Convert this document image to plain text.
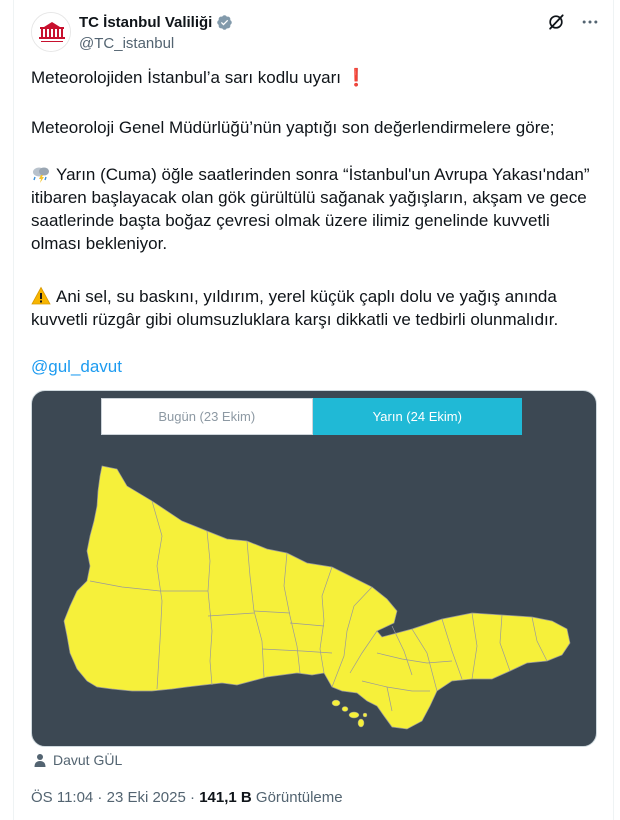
TC İstanbul Valiliği
@TC_istanbul

Meteorolojiden İstanbul’a sarı kodlu uyarı ❗

Meteoroloji Genel Müdürlüğü’nün yaptığı son değerlendirmelere göre;

Yarın (Cuma) öğle saatlerinden sonra “İstanbul'un Avrupa Yakası'ndan” itibaren başlayacak olan gök gürültülü sağanak yağışların, akşam ve gece saatlerinde başta boğaz çevresi olmak üzere ilimiz genelinde kuvvetli olması bekleniyor.

Ani sel, su baskını, yıldırım, yerel küçük çaplı dolu ve yağış anında kuvvetli rüzgâr gibi olumsuzluklara karşı dikkatli ve tedbirli olunmalıdır.

@gul_davut

Bugün (23 Ekim)	Yarın (24 Ekim)
Davut GÜL
ÖS 11:04 · 23 Eki 2025 · 141,1 B Görüntüleme
